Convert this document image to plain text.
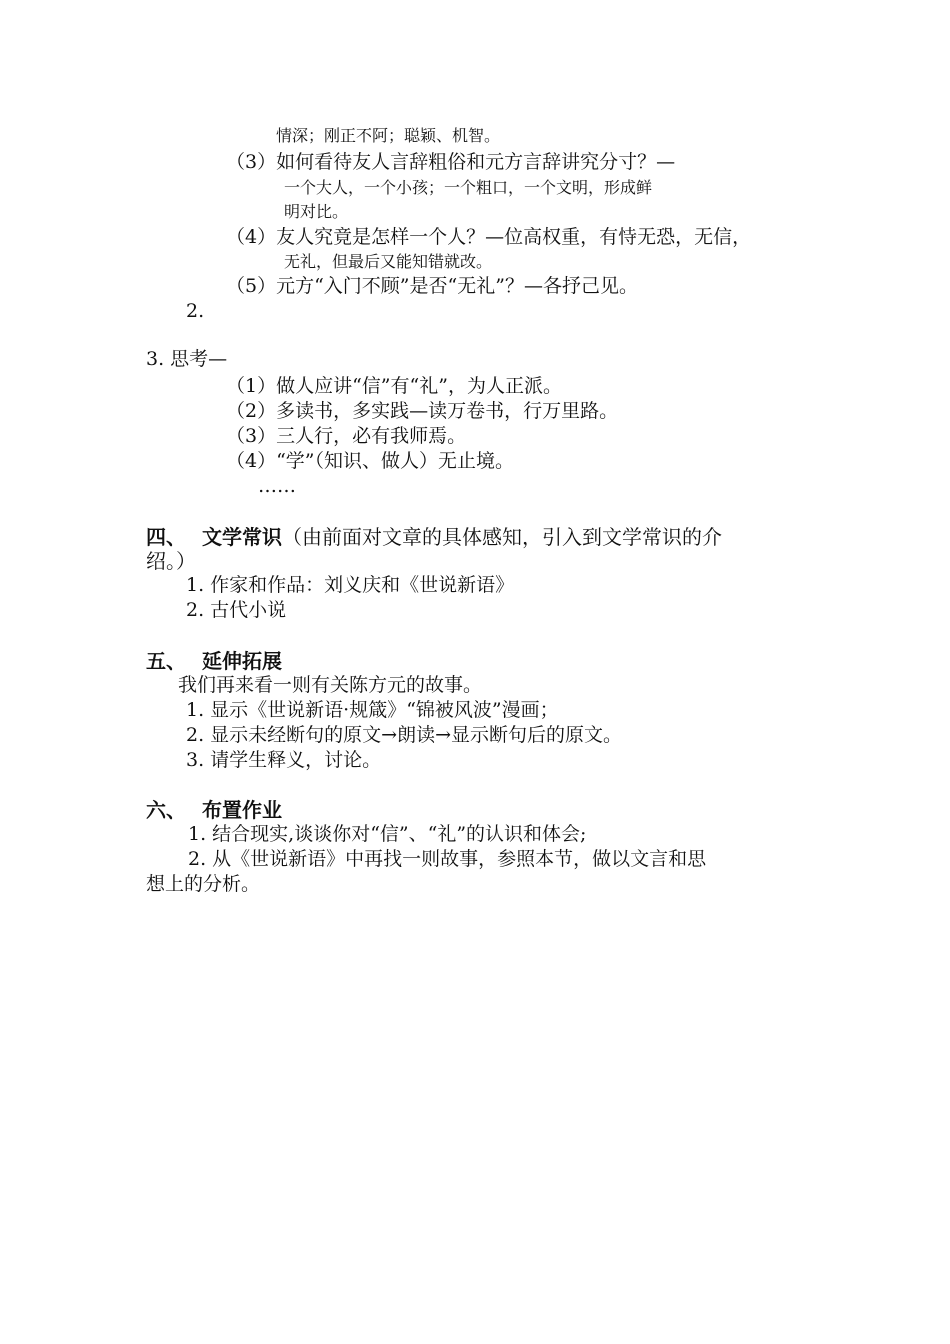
情深；刚正不阿；聪颖、机智。
（3）如何看待友人言辞粗俗和元方言辞讲究分寸？—
一个大人，一个小孩；一个粗口，一个文明，形成鲜
明对比。
（4）友人究竟是怎样一个人？—位高权重，有恃无恐，无信，
无礼，但最后又能知错就改。
（5）元方“入门不顾”是否“无礼”？—各抒己见。
2.
3. 思考—
（1）做人应讲“信”有“礼”，为人正派。
（2）多读书，多实践—读万卷书，行万里路。
（3）三人行，必有我师焉。
（4）“学”（知识、做人）无止境。
……
四、 文学常识（由前面对文章的具体感知，引入到文学常识的介
绍。）
1. 作家和作品：刘义庆和《世说新语》
2. 古代小说
五、 延伸拓展
我们再来看一则有关陈方元的故事。
1. 显示《世说新语·规箴》“锦被风波”漫画；
2. 显示未经断句的原文→朗读→显示断句后的原文。
3. 请学生释义，讨论。
六、 布置作业
1. 结合现实,谈谈你对“信”、“礼”的认识和体会;
2. 从《世说新语》中再找一则故事，参照本节，做以文言和思
想上的分析。
